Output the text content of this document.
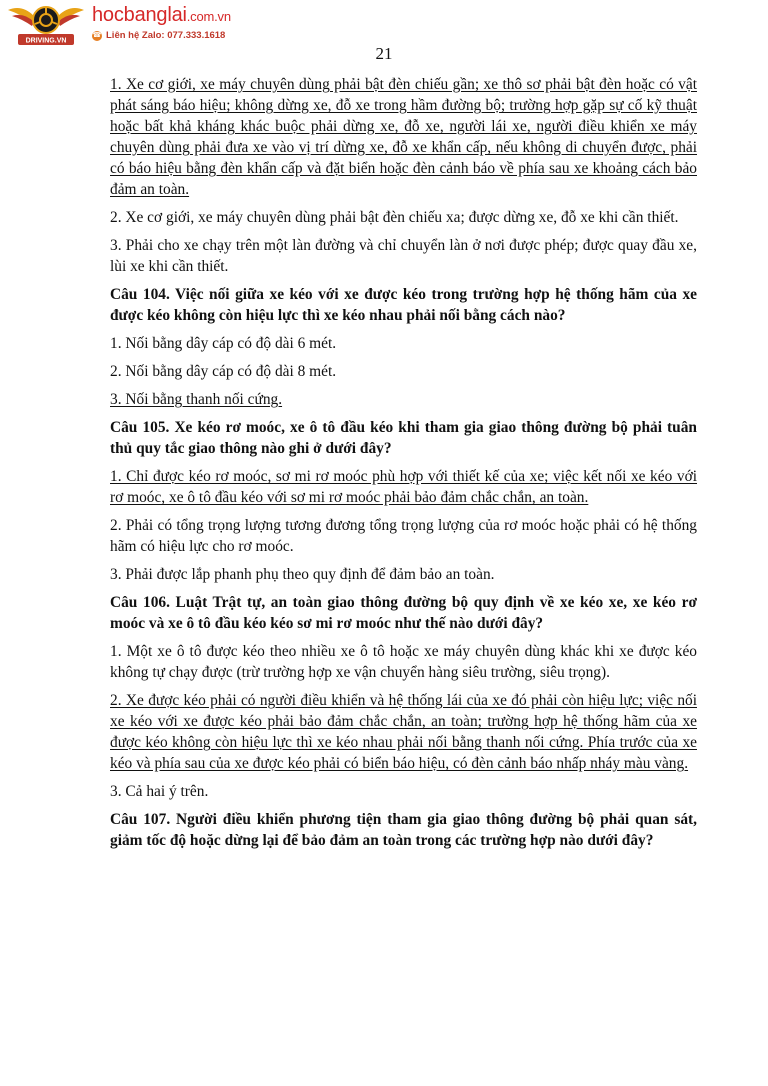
DRIVING.VN
hocbanglai.com.vn
☎ Liên hệ Zalo: 077.333.1618
21

1. Xe cơ giới, xe máy chuyên dùng phải bật đèn chiếu gần; xe thô sơ phải bật đèn hoặc có vật phát sáng báo hiệu; không dừng xe, đỗ xe trong hầm đường bộ; trường hợp gặp sự cố kỹ thuật hoặc bất khả kháng khác buộc phải dừng xe, đỗ xe, người lái xe, người điều khiển xe máy chuyên dùng phải đưa xe vào vị trí dừng xe, đỗ xe khẩn cấp, nếu không di chuyển được, phải có báo hiệu bằng đèn khẩn cấp và đặt biển hoặc đèn cảnh báo về phía sau xe khoảng cách bảo đảm an toàn.

2. Xe cơ giới, xe máy chuyên dùng phải bật đèn chiếu xa; được dừng xe, đỗ xe khi cần thiết.

3. Phải cho xe chạy trên một làn đường và chỉ chuyển làn ở nơi được phép; được quay đầu xe, lùi xe khi cần thiết.

Câu 104. Việc nối giữa xe kéo với xe được kéo trong trường hợp hệ thống hãm của xe được kéo không còn hiệu lực thì xe kéo nhau phải nối bằng cách nào?

1. Nối bằng dây cáp có độ dài 6 mét.

2. Nối bằng dây cáp có độ dài 8 mét.

3. Nối bằng thanh nối cứng.

Câu 105. Xe kéo rơ moóc, xe ô tô đầu kéo khi tham gia giao thông đường bộ phải tuân thủ quy tắc giao thông nào ghi ở dưới đây?

1. Chỉ được kéo rơ moóc, sơ mi rơ moóc phù hợp với thiết kế của xe; việc kết nối xe kéo với rơ moóc, xe ô tô đầu kéo với sơ mi rơ moóc phải bảo đảm chắc chắn, an toàn.

2. Phải có tổng trọng lượng tương đương tổng trọng lượng của rơ moóc hoặc phải có hệ thống hãm có hiệu lực cho rơ moóc.

3. Phải được lắp phanh phụ theo quy định để đảm bảo an toàn.

Câu 106. Luật Trật tự, an toàn giao thông đường bộ quy định về xe kéo xe, xe kéo rơ moóc và xe ô tô đầu kéo kéo sơ mi rơ moóc như thế nào dưới đây?

1. Một xe ô tô được kéo theo nhiều xe ô tô hoặc xe máy chuyên dùng khác khi xe được kéo không tự chạy được (trừ trường hợp xe vận chuyển hàng siêu trường, siêu trọng).

2. Xe được kéo phải có người điều khiển và hệ thống lái của xe đó phải còn hiệu lực; việc nối xe kéo với xe được kéo phải bảo đảm chắc chắn, an toàn; trường hợp hệ thống hãm của xe được kéo không còn hiệu lực thì xe kéo nhau phải nối bằng thanh nối cứng. Phía trước của xe kéo và phía sau của xe được kéo phải có biển báo hiệu, có đèn cảnh báo nhấp nháy màu vàng.

3. Cả hai ý trên.

Câu 107. Người điều khiển phương tiện tham gia giao thông đường bộ phải quan sát, giảm tốc độ hoặc dừng lại để bảo đảm an toàn trong các trường hợp nào dưới đây?
